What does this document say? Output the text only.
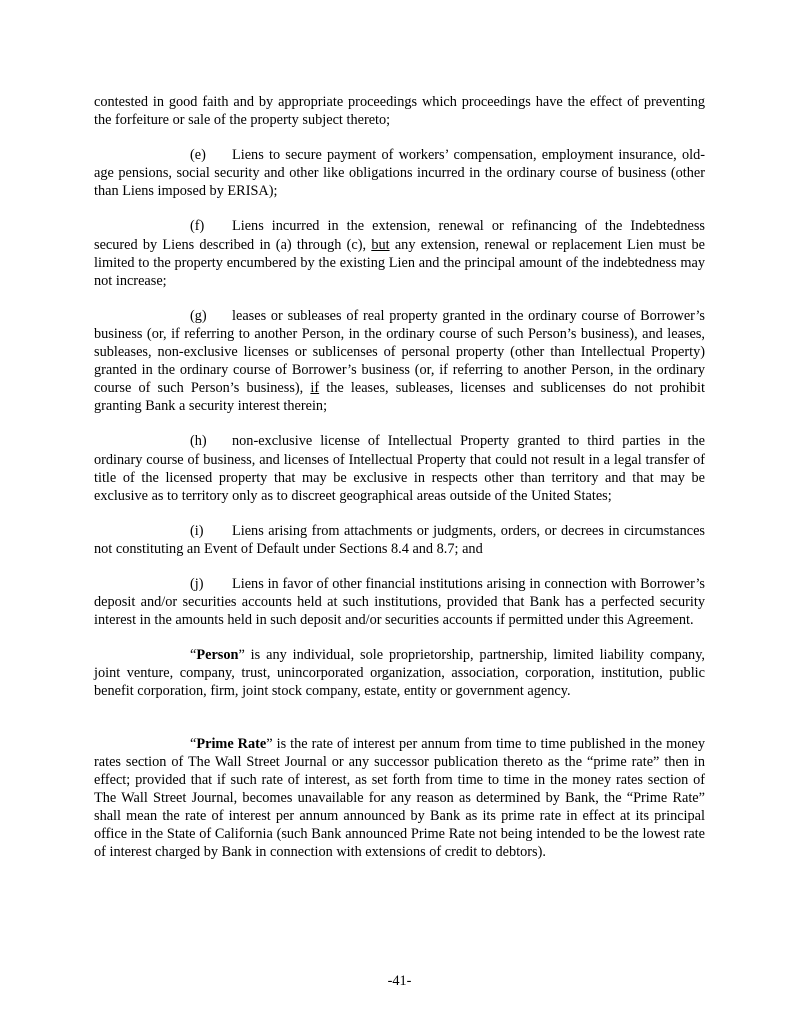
contested in good faith and by appropriate proceedings which proceedings have the effect of preventing the forfeiture or sale of the property subject thereto;

(e) Liens to secure payment of workers’ compensation, employment insurance, old-age pensions, social security and other like obligations incurred in the ordinary course of business (other than Liens imposed by ERISA);

(f) Liens incurred in the extension, renewal or refinancing of the Indebtedness secured by Liens described in (a) through (c), but any extension, renewal or replacement Lien must be limited to the property encumbered by the existing Lien and the principal amount of the indebtedness may not increase;

(g) leases or subleases of real property granted in the ordinary course of Borrower’s business (or, if referring to another Person, in the ordinary course of such Person’s business), and leases, subleases, non-exclusive licenses or sublicenses of personal property (other than Intellectual Property) granted in the ordinary course of Borrower’s business (or, if referring to another Person, in the ordinary course of such Person’s business), if the leases, subleases, licenses and sublicenses do not prohibit granting Bank a security interest therein;

(h) non-exclusive license of Intellectual Property granted to third parties in the ordinary course of business, and licenses of Intellectual Property that could not result in a legal transfer of title of the licensed property that may be exclusive in respects other than territory and that may be exclusive as to territory only as to discreet geographical areas outside of the United States;

(i) Liens arising from attachments or judgments, orders, or decrees in circumstances not constituting an Event of Default under Sections 8.4 and 8.7; and

(j) Liens in favor of other financial institutions arising in connection with Borrower’s deposit and/or securities accounts held at such institutions, provided that Bank has a perfected security interest in the amounts held in such deposit and/or securities accounts if permitted under this Agreement.

“Person” is any individual, sole proprietorship, partnership, limited liability company, joint venture, company, trust, unincorporated organization, association, corporation, institution, public benefit corporation, firm, joint stock company, estate, entity or government agency.

“Prime Rate” is the rate of interest per annum from time to time published in the money rates section of The Wall Street Journal or any successor publication thereto as the “prime rate” then in effect; provided that if such rate of interest, as set forth from time to time in the money rates section of The Wall Street Journal, becomes unavailable for any reason as determined by Bank, the “Prime Rate” shall mean the rate of interest per annum announced by Bank as its prime rate in effect at its principal office in the State of California (such Bank announced Prime Rate not being intended to be the lowest rate of interest charged by Bank in connection with extensions of credit to debtors).

-41-
